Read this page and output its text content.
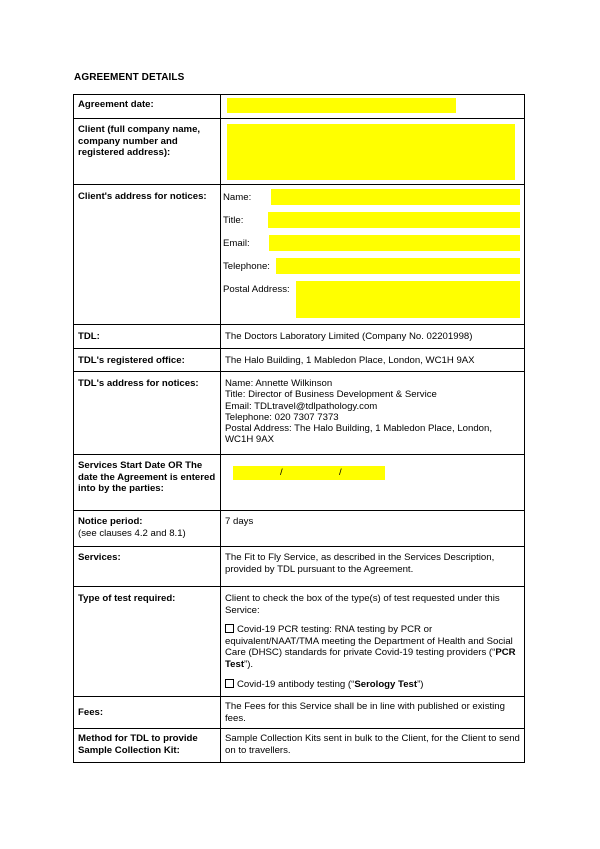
AGREEMENT DETAILS
Agreement date:	

Client (full company name, company number and registered address):	

Client's address for notices:	Name:
Title:
Email:
Telephone:
Postal Address:

TDL:	The Doctors Laboratory Limited (Company No. 02201998)
TDL's registered office:	The Halo Building, 1 Mabledon Place, London, WC1H 9AX
TDL's address for notices:	Name: Annette Wilkinson
Title: Director of Business Development & Service
Email: TDLtravel@tdlpathology.com
Telephone: 020 7307 7373
Postal Address: The Halo Building, 1 Mabledon Place, London, WC1H 9AX

Services Start Date OR The date the Agreement is entered into by the parties:	/ /

Notice period:
(see clauses 4.2 and 8.1)	7 days
Services:	The Fit to Fly Service, as described in the Services Description, provided by TDL pursuant to the Agreement.
Type of test required:	Client to check the box of the type(s) of test requested under this Service:

Covid-19 PCR testing: RNA testing by PCR or equivalent/NAAT/TMA meeting the Department of Health and Social Care (DHSC) standards for private Covid-19 testing providers (“PCR Test”).

Covid-19 antibody testing (“Serology Test”)

Fees:	The Fees for this Service shall be in line with published or existing fees.
Method for TDL to provide Sample Collection Kit:	Sample Collection Kits sent in bulk to the Client, for the Client to send on to travellers.
